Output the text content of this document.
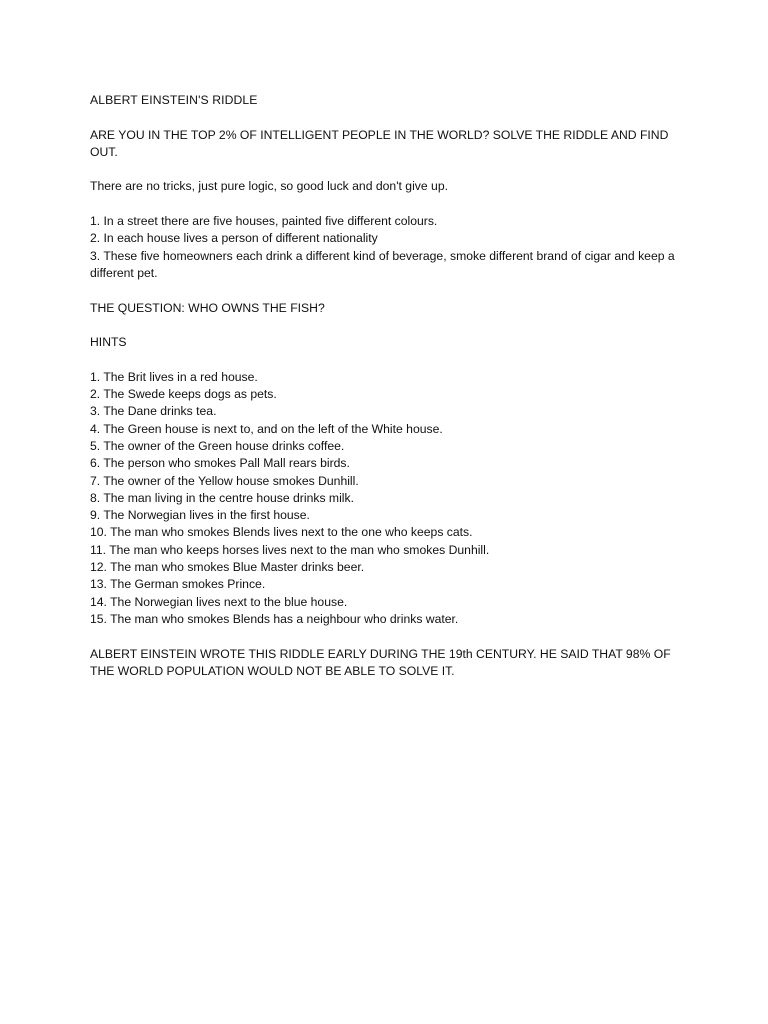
ALBERT EINSTEIN'S RIDDLE

ARE YOU IN THE TOP 2% OF INTELLIGENT PEOPLE IN THE WORLD? SOLVE THE RIDDLE AND FIND OUT.

There are no tricks, just pure logic, so good luck and don't give up.

1. In a street there are five houses, painted five different colours.
2. In each house lives a person of different nationality
3. These five homeowners each drink a different kind of beverage, smoke different brand of cigar and keep a different pet.

THE QUESTION: WHO OWNS THE FISH?

HINTS

1. The Brit lives in a red house.
2. The Swede keeps dogs as pets.
3. The Dane drinks tea.
4. The Green house is next to, and on the left of the White house.
5. The owner of the Green house drinks coffee.
6. The person who smokes Pall Mall rears birds.
7. The owner of the Yellow house smokes Dunhill.
8. The man living in the centre house drinks milk.
9. The Norwegian lives in the first house.
10. The man who smokes Blends lives next to the one who keeps cats.
11. The man who keeps horses lives next to the man who smokes Dunhill.
12. The man who smokes Blue Master drinks beer.
13. The German smokes Prince.
14. The Norwegian lives next to the blue house.
15. The man who smokes Blends has a neighbour who drinks water.

ALBERT EINSTEIN WROTE THIS RIDDLE EARLY DURING THE 19th CENTURY. HE SAID THAT 98% OF THE WORLD POPULATION WOULD NOT BE ABLE TO SOLVE IT.
